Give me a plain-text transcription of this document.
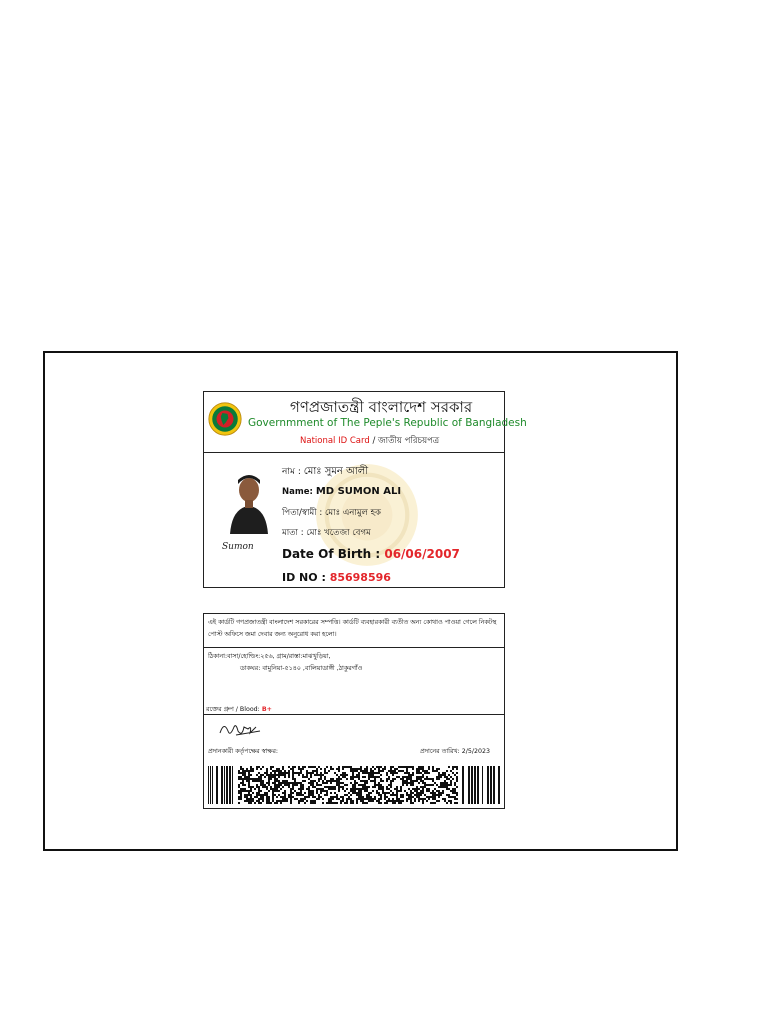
গণপ্রজাতন্ত্রী বাংলাদেশ সরকার
Governmment of The Peple's Republic of Bangladesh
National ID Card / জাতীয় পরিচয়পত্র
Sumon
নাম : মোঃ সুমন আলী
Name: MD SUMON ALI
পিতা/স্বামী : মোঃ এনামুল হক
মাতা : মোঃ খতেজা বেগম
Date Of Birth : 06/06/2007
ID NO : 85698596
এই কার্ডটি গণপ্রজাতন্ত্রী বাংলাদেশ সরকারের সম্পত্তি। কার্ডটি ব্যবহারকারী ব্যতীত অন্য কোথাও পাওয়া গেলে নিকটস্থ পোস্ট অফিসে জমা দেবার জন্য অনুরোধ করা হলো।
ঠিকানা:বাসা/হোল্ডিং:২৫৬, গ্রাম/রাস্তা:মাঝখুড়িয়া,
ডাকঘর: বামুনিয়া-৫১৪০ ,বালিয়াডাঙ্গী ,ঠাকুরগাঁও
রক্তের গ্রুপ / Blood: B+
প্রদানকারী কর্তৃপক্ষের স্বাক্ষর:	প্রদানের তারিখ: 2/5/2023
